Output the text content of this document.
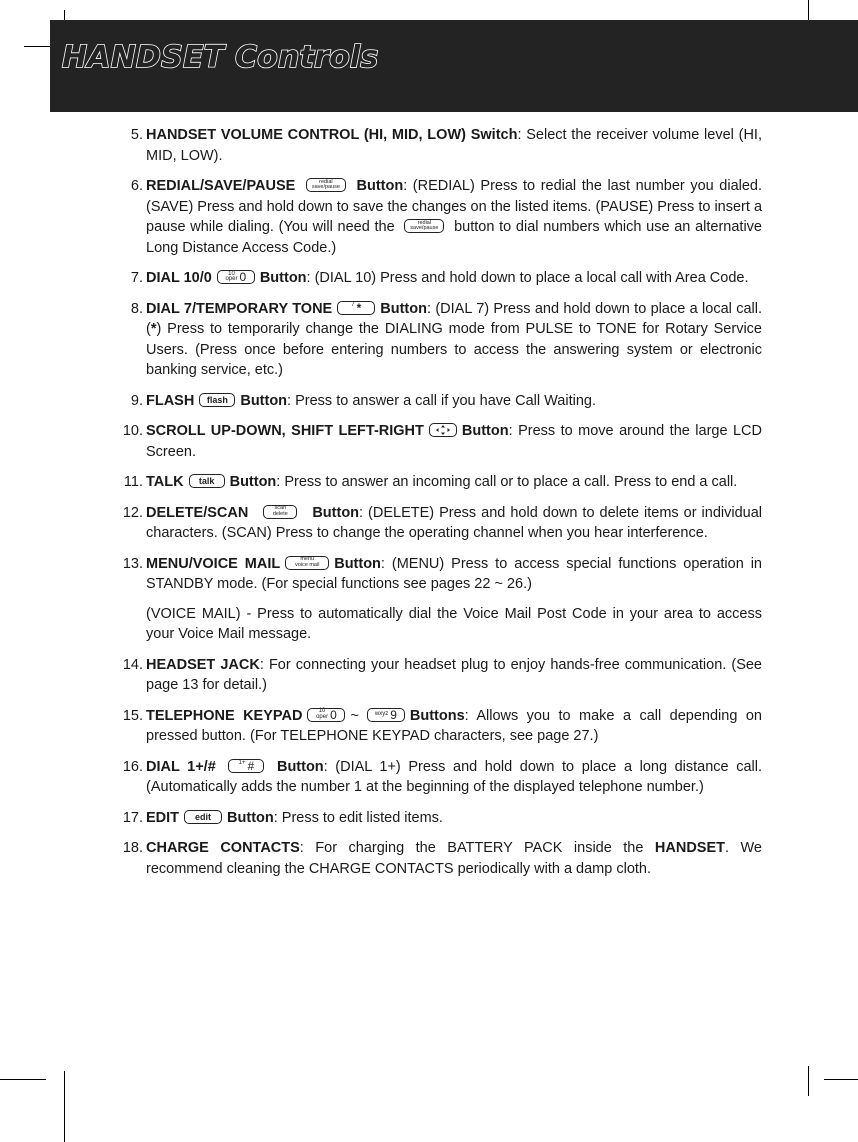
HANDSET Controls
5. HANDSET VOLUME CONTROL (HI, MID, LOW) Switch: Select the receiver volume level (HI, MID, LOW).

6. REDIAL/SAVE/PAUSE	redial
save/pause Button: (REDIAL) Press to redial the last number you dialed. (SAVE) Press and hold down to save the changes on the listed items. (PAUSE) Press to insert a pause while dialing. (You will need the	redial
save/pause button to dial numbers which use an alternative Long Distance Access Code.)

7. DIAL 10/0	10
oper 0 Button: (DIAL 10) Press and hold down to place a local call with Area Code.

8. DIAL 7/TEMPORARY TONE	7 * Button: (DIAL 7) Press and hold down to place a local call. (*) Press to temporarily change the DIALING mode from PULSE to TONE for Rotary Service Users. (Press once before entering numbers to access the answering system or electronic banking service, etc.)

9. FLASH flash Button: Press to answer a call if you have Call Waiting.

10. SCROLL UP-DOWN, SHIFT LEFT-RIGHT	Button: Press to move around the large LCD Screen.

11. TALK talk Button: Press to answer an incoming call or to place a call. Press to end a call.

12. DELETE/SCAN	scan
delete	Button: (DELETE) Press and hold down to delete items or individual characters. (SCAN) Press to change the operating channel when you hear interference.

13. MENU/VOICE MAIL	menu
voice mail	Button: (MENU) Press to access special functions operation in STANDBY mode. (For special functions see pages 22 ~ 26.)

(VOICE MAIL) - Press to automatically dial the Voice Mail Post Code in your area to access your Voice Mail message.

14. HEADSET JACK: For connecting your headset plug to enjoy hands-free communication. (See page 13 for detail.)

15. TELEPHONE KEYPAD	10
oper 0 ~	wxyz 9 Buttons: Allows you to make a call depending on pressed button. (For TELEPHONE KEYPAD characters, see page 27.)

16. DIAL 1+/#	1+ # Button: (DIAL 1+) Press and hold down to place a long distance call. (Automatically adds the number 1 at the beginning of the displayed telephone number.)

17. EDIT edit Button: Press to edit listed items.

18. CHARGE CONTACTS: For charging the BATTERY PACK inside the HANDSET. We recommend cleaning the CHARGE CONTACTS periodically with a damp cloth.
